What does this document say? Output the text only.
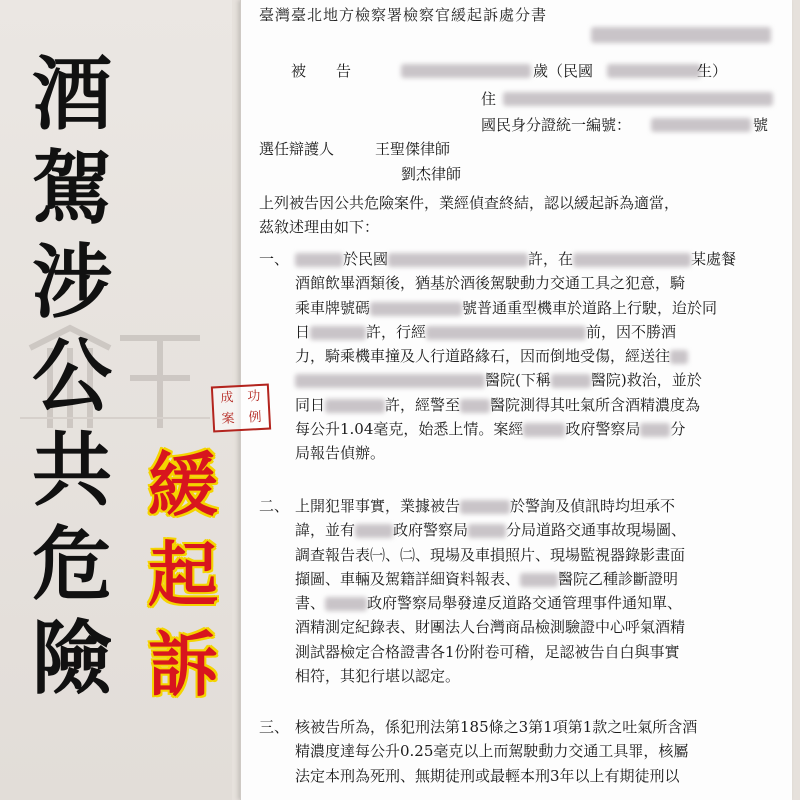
酒
駕
涉
公
共
危
險
緩
起
訴
臺灣臺北地方檢察署檢察官緩起訴處分書
被　　告	歲（民國	生）
住
國民身分證統一編號：	號
選任辯護人	王聖傑律師
劉杰律師
上列被告因公共危險案件，業經偵查終結，認以緩起訴為適當，
茲敘述理由如下：
一、	於民國	許，在	某處餐
酒館飲畢酒類後，猶基於酒後駕駛動力交通工具之犯意，騎
乘車牌號碼	號普通重型機車於道路上行駛，迨於同
日	許，行經	前，因不勝酒
力，騎乘機車撞及人行道路緣石，因而倒地受傷，經送往
醫院(下稱	醫院)救治，並於
同日	許，經警至 醫院測得其吐氣所含酒精濃度為
每公升1.04毫克，始悉上情。案經	政府警察局 分
局報告偵辦。
二、 上開犯罪事實，業據被告	於警詢及偵訊時均坦承不
諱，並有	政府警察局	分局道路交通事故現場圖、
調查報告表㈠、㈡、現場及車損照片、現場監視器錄影畫面
擷圖、車輛及駕籍詳細資料報表、	醫院乙種診斷證明
書、	政府警察局舉發違反道路交通管理事件通知單、
酒精測定紀錄表、財團法人台灣商品檢測驗證中心呼氣酒精
測試器檢定合格證書各1份附卷可稽，足認被告自白與事實
相符，其犯行堪以認定。
三、 核被告所為，係犯刑法第185條之3第1項第1款之吐氣所含酒
精濃度達每公升0.25毫克以上而駕駛動力交通工具罪，核屬
法定本刑為死刑、無期徒刑或最輕本刑3年以上有期徒刑以
成	功
案	例
